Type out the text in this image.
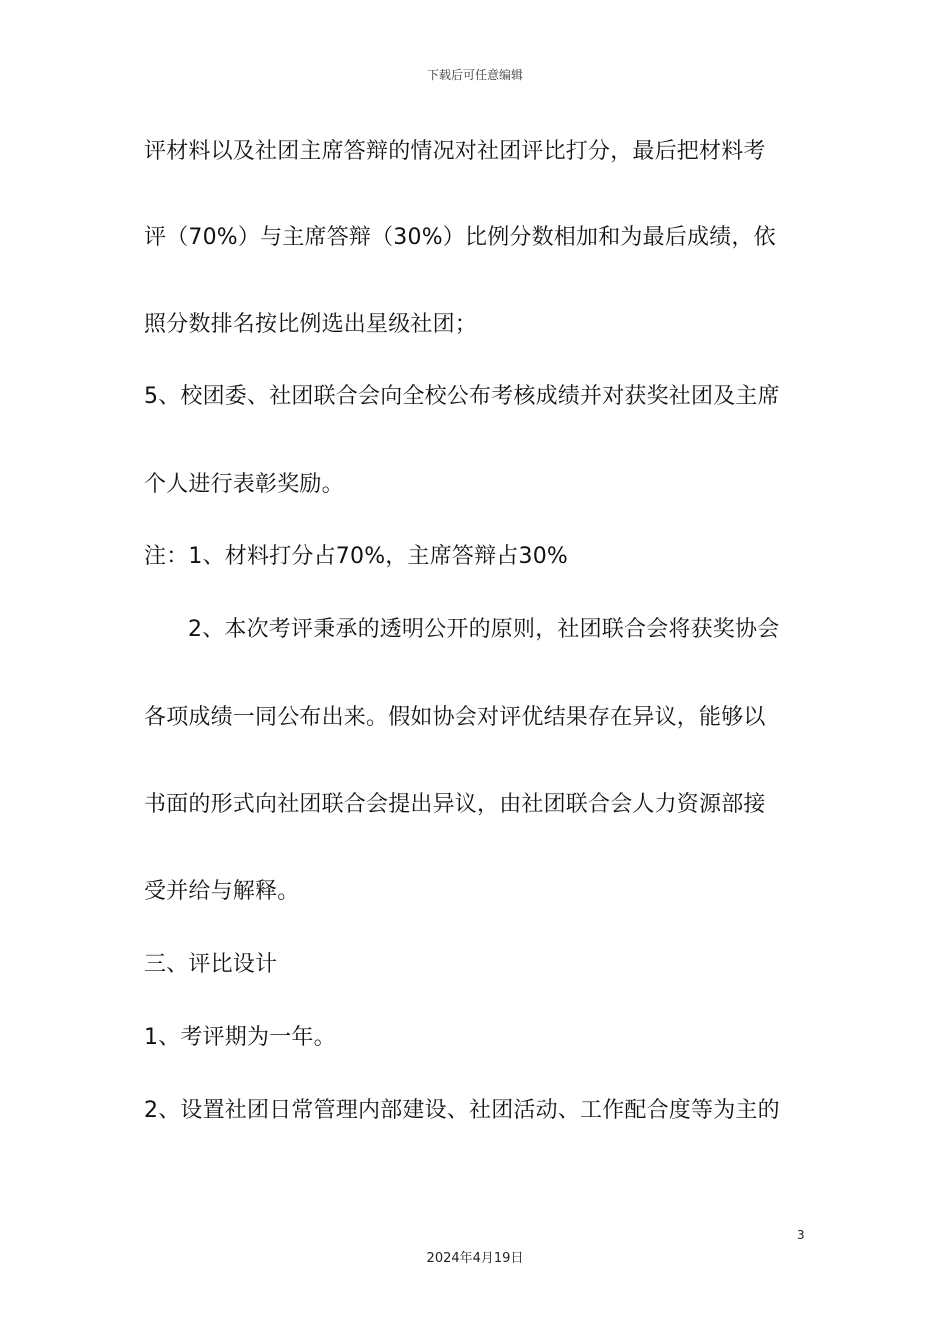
下载后可任意编辑
评材料以及社团主席答辩的情况对社团评比打分，最后把材料考
评（70%）与主席答辩（30%）比例分数相加和为最后成绩，依
照分数排名按比例选出星级社团；
5、校团委、社团联合会向全校公布考核成绩并对获奖社团及主席
个人进行表彰奖励。
注：1、材料打分占70%，主席答辩占30%
2、本次考评秉承的透明公开的原则，社团联合会将获奖协会
各项成绩一同公布出来。假如协会对评优结果存在异议，能够以
书面的形式向社团联合会提出异议，由社团联合会人力资源部接
受并给与解释。
三、评比设计
1、考评期为一年。
2、设置社团日常管理内部建设、社团活动、工作配合度等为主的
3
2024年4月19日
